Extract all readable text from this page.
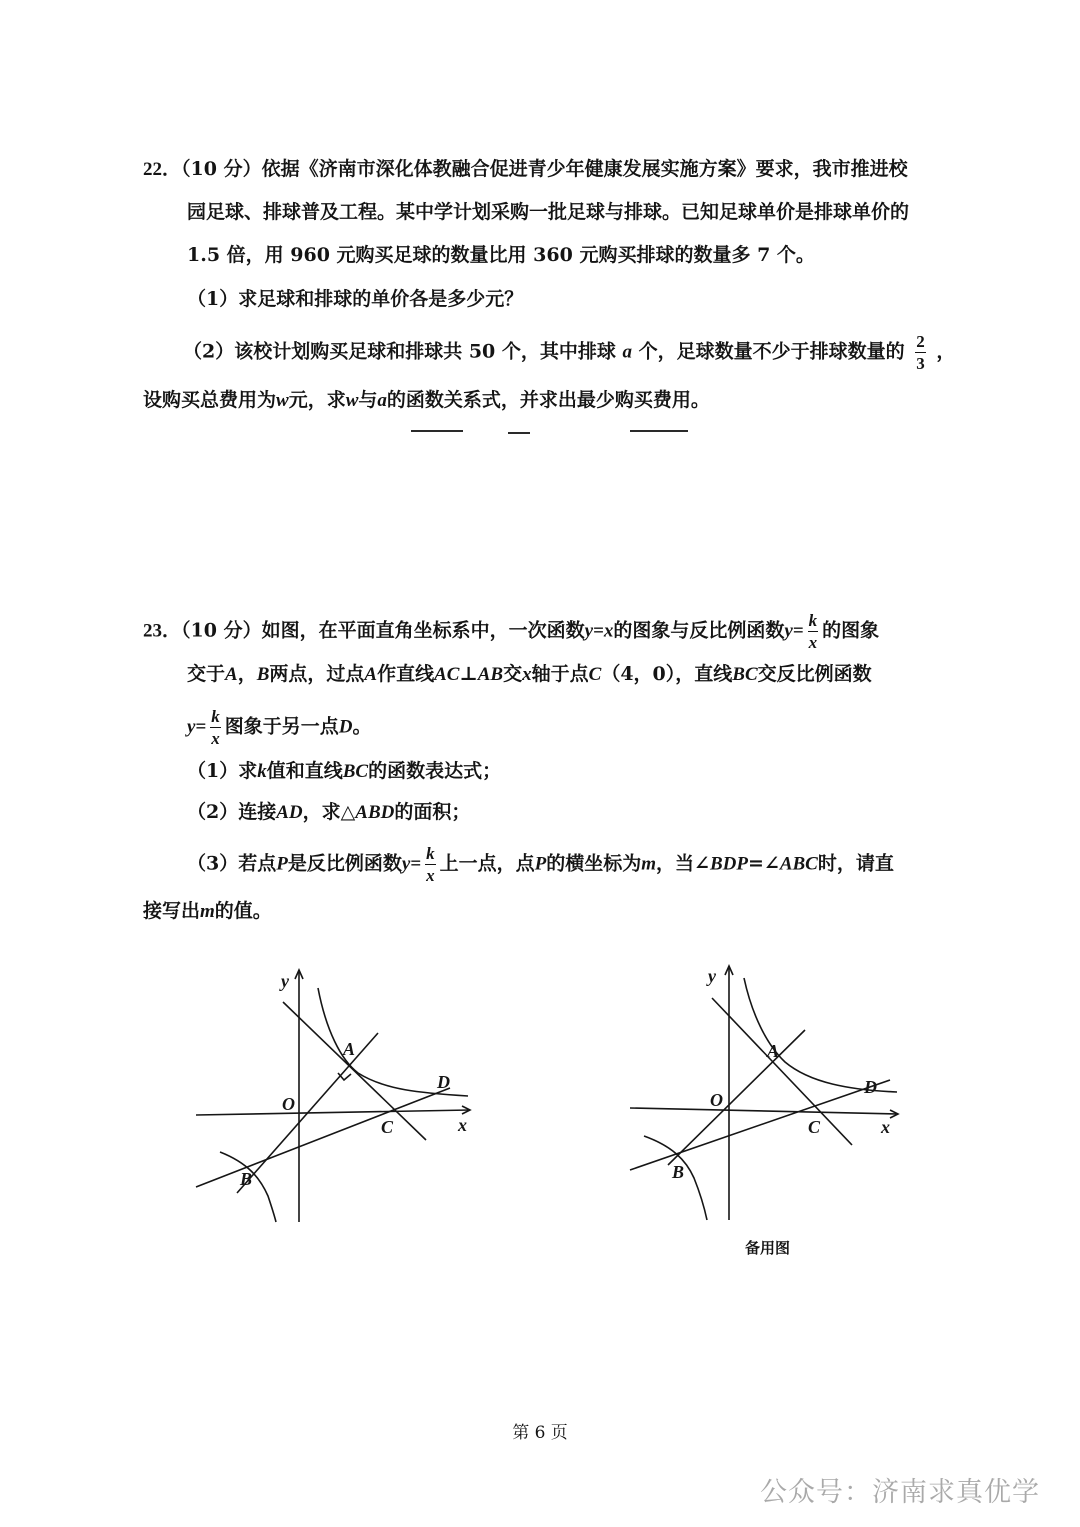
22．（10 分）依据《济南市深化体教融合促进青少年健康发展实施方案》要求，我市推进校
园足球、排球普及工程。某中学计划采购一批足球与排球。已知足球单价是排球单价的
1.5 倍，用 960 元购买足球的数量比用 360 元购买排球的数量多 7 个。
（1）求足球和排球的单价各是多少元？
（2）该校计划购买足球和排球共 50 个，其中排球 a 个，足球数量不少于排球数量的 $\frac{2}{3}$ ，
设购买总费用为w元，求w与a的函数关系式，并求出最少购买费用。
23．（10 分）如图，在平面直角坐标系中，一次函数y=x的图象与反比例函数$y= \frac{k}{x}$ 的图象
交于A，B两点，过点A作直线AC⊥AB交x轴于点C（4，0），直线BC交反比例函数
$y= \frac{k}{x}$ 图象于另一点D。
（1）求k值和直线BC的函数表达式；
（2）连接AD，求△ABD的面积；
（3）若点P是反比例函数$y= \frac{k}{x}$ 上一点，点P的横坐标为m，当∠BDP=∠ABC时，请直
接写出m的值。
y
x
O
A
B
C
D
y
x
O
A
B
C
D
备用图
第 6 页
公众号：济南求真优学
